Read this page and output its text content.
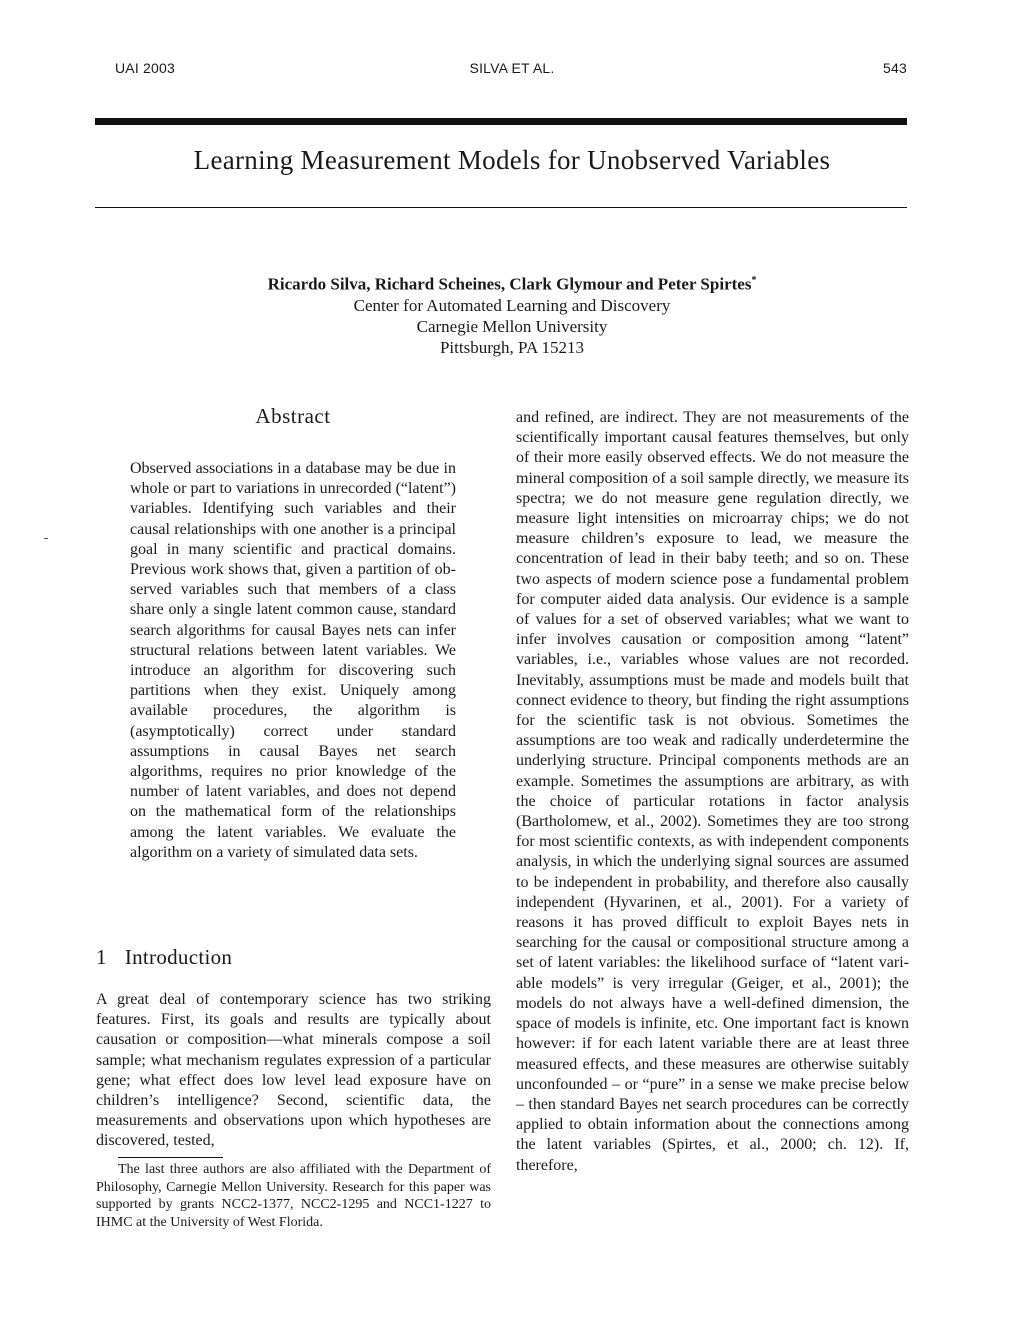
UAI 2003	SILVA ET AL.	543
Learning Measurement Models for Unobserved Variables
Ricardo Silva, Richard Scheines, Clark Glymour and Peter Spirtes*
Center for Automated Learning and Discovery
Carnegie Mellon University
Pittsburgh, PA 15213
Abstract

Observed associations in a database may be due in whole or part to variations in unrecorded (“latent”) variables. Identifying such variables and their causal relationships with one another is a principal goal in many scientific and practical domains. Previous work shows that, given a partition of observed variables such that members of a class share only a single latent common cause, standard search algorithms for causal Bayes nets can infer structural relations between latent variables. We introduce an algorithm for discovering such partitions when they exist. Uniquely among available procedures, the algorithm is (asymptotically) correct under standard assumptions in causal Bayes net search algorithms, requires no prior knowledge of the number of latent variables, and does not depend on the mathematical form of the relationships among the latent variables. We evaluate the algorithm on a variety of simulated data sets.

1 Introduction

A great deal of contemporary science has two striking features. First, its goals and results are typically about causation or composition—what minerals compose a soil sample; what mechanism regulates expression of a particular gene; what effect does low level lead exposure have on children’s intelligence? Second, scientific data, the measurements and observations upon which hypotheses are discovered, tested,

The last three authors are also affiliated with the Department of Philosophy, Carnegie Mellon University. Research for this paper was supported by grants NCC2-1377, NCC2-1295 and NCC1-1227 to IHMC at the University of West Florida.

and refined, are indirect. They are not measurements of the scientifically important causal features themselves, but only of their more easily observed effects. We do not measure the mineral composition of a soil sample directly, we measure its spectra; we do not measure gene regulation directly, we measure light intensities on microarray chips; we do not measure children’s exposure to lead, we measure the concentration of lead in their baby teeth; and so on. These two aspects of modern science pose a fundamental problem for computer aided data analysis. Our evidence is a sample of values for a set of observed variables; what we want to infer involves causation or composition among “latent” variables, i.e., variables whose values are not recorded. Inevitably, assumptions must be made and models built that connect evidence to theory, but finding the right assumptions for the scientific task is not obvious. Sometimes the assumptions are too weak and radically underdetermine the underlying structure. Principal components methods are an example. Sometimes the assumptions are arbitrary, as with the choice of particular rotations in factor analysis (Bartholomew, et al., 2002). Sometimes they are too strong for most scientific contexts, as with independent components analysis, in which the underlying signal sources are assumed to be independent in probability, and therefore also causally independent (Hyvarinen, et al., 2001). For a variety of reasons it has proved difficult to exploit Bayes nets in searching for the causal or compositional structure among a set of latent variables: the likelihood surface of “latent variable models” is very irregular (Geiger, et al., 2001); the models do not always have a well-defined dimension, the space of models is infinite, etc. One important fact is known however: if for each latent variable there are at least three measured effects, and these measures are otherwise suitably unconfounded – or “pure” in a sense we make precise below – then standard Bayes net search procedures can be correctly applied to obtain information about the connections among the latent variables (Spirtes, et al., 2000; ch. 12). If, therefore,
